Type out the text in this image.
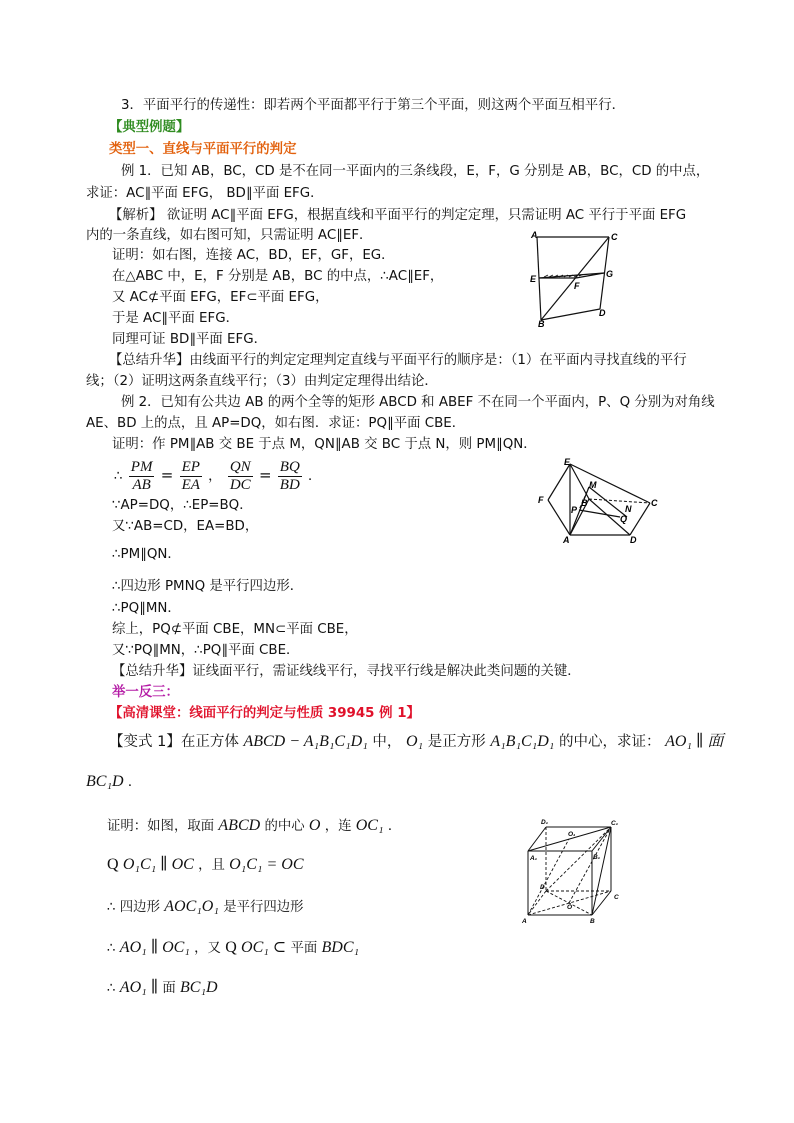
3．平面平行的传递性：即若两个平面都平行于第三个平面，则这两个平面互相平行．
【典型例题】
类型一、直线与平面平行的判定
例 1．已知 AB，BC，CD 是不在同一平面内的三条线段，E，F，G 分别是 AB，BC，CD 的中点，
求证：AC∥平面 EFG， BD∥平面 EFG．
【解析】 欲证明 AC∥平面 EFG，根据直线和平面平行的判定定理，只需证明 AC 平行于平面 EFG
内的一条直线，如右图可知，只需证明 AC∥EF．
证明：如右图，连接 AC，BD，EF，GF，EG．
在△ABC 中，E，F 分别是 AB，BC 的中点，∴AC∥EF，
又 AC⊄平面 EFG，EF⊂平面 EFG，
于是 AC∥平面 EFG．
同理可证 BD∥平面 EFG．
【总结升华】由线面平行的判定定理判定直线与平面平行的顺序是：（1）在平面内寻找直线的平行
线；（2）证明这两条直线平行；（3）由判定定理得出结论．
例 2．已知有公共边 AB 的两个全等的矩形 ABCD 和 ABEF 不在同一个平面内，P、Q 分别为对角线
AE、BD 上的点，且 AP=DQ，如右图．求证：PQ∥平面 CBE．
证明：作 PM∥AB 交 BE 于点 M，QN∥AB 交 BC 于点 N，则 PM∥QN．
∴ $\frac{PM}{AB} = \frac{EP}{EA}$ ， $\frac{QN}{DC} = \frac{BQ}{BD}$ ．
∵AP=DQ，∴EP=BQ．
又∵AB=CD，EA=BD，
∴PM∥QN．
∴四边形 PMNQ 是平行四边形．
∴PQ∥MN．
综上，PQ⊄平面 CBE，MN⊂平面 CBE，
又∵PQ∥MN，∴PQ∥平面 CBE．
【总结升华】证线面平行，需证线线平行，寻找平行线是解决此类问题的关键．
举一反三：
【高清课堂：线面平行的判定与性质 39945 例 1】
【变式 1】在正方体 ABCD − A₁B₁C₁D₁ 中， O₁ 是正方形 A₁B₁C₁D₁ 的中心，求证： AO₁ ∥ 面
BC₁D ．
证明：如图，取面 ABCD 的中心 O ，连 OC₁ ．
Q O₁C₁ ∥ OC ，且 O₁C₁ = OC
∴ 四边形 AOC₁O₁ 是平行四边形
∴ AO₁ ∥ OC₁ ，又 Q OC₁ ⊂ 平面 BDC₁
∴ AO₁ ∥ 面 BC₁D
A	C
E	G
F
B
D
E
F
M
B
P	N
Q
C
A	D
D₁
O₁
C₁
A₁	B₁
D
C
O
A	B
